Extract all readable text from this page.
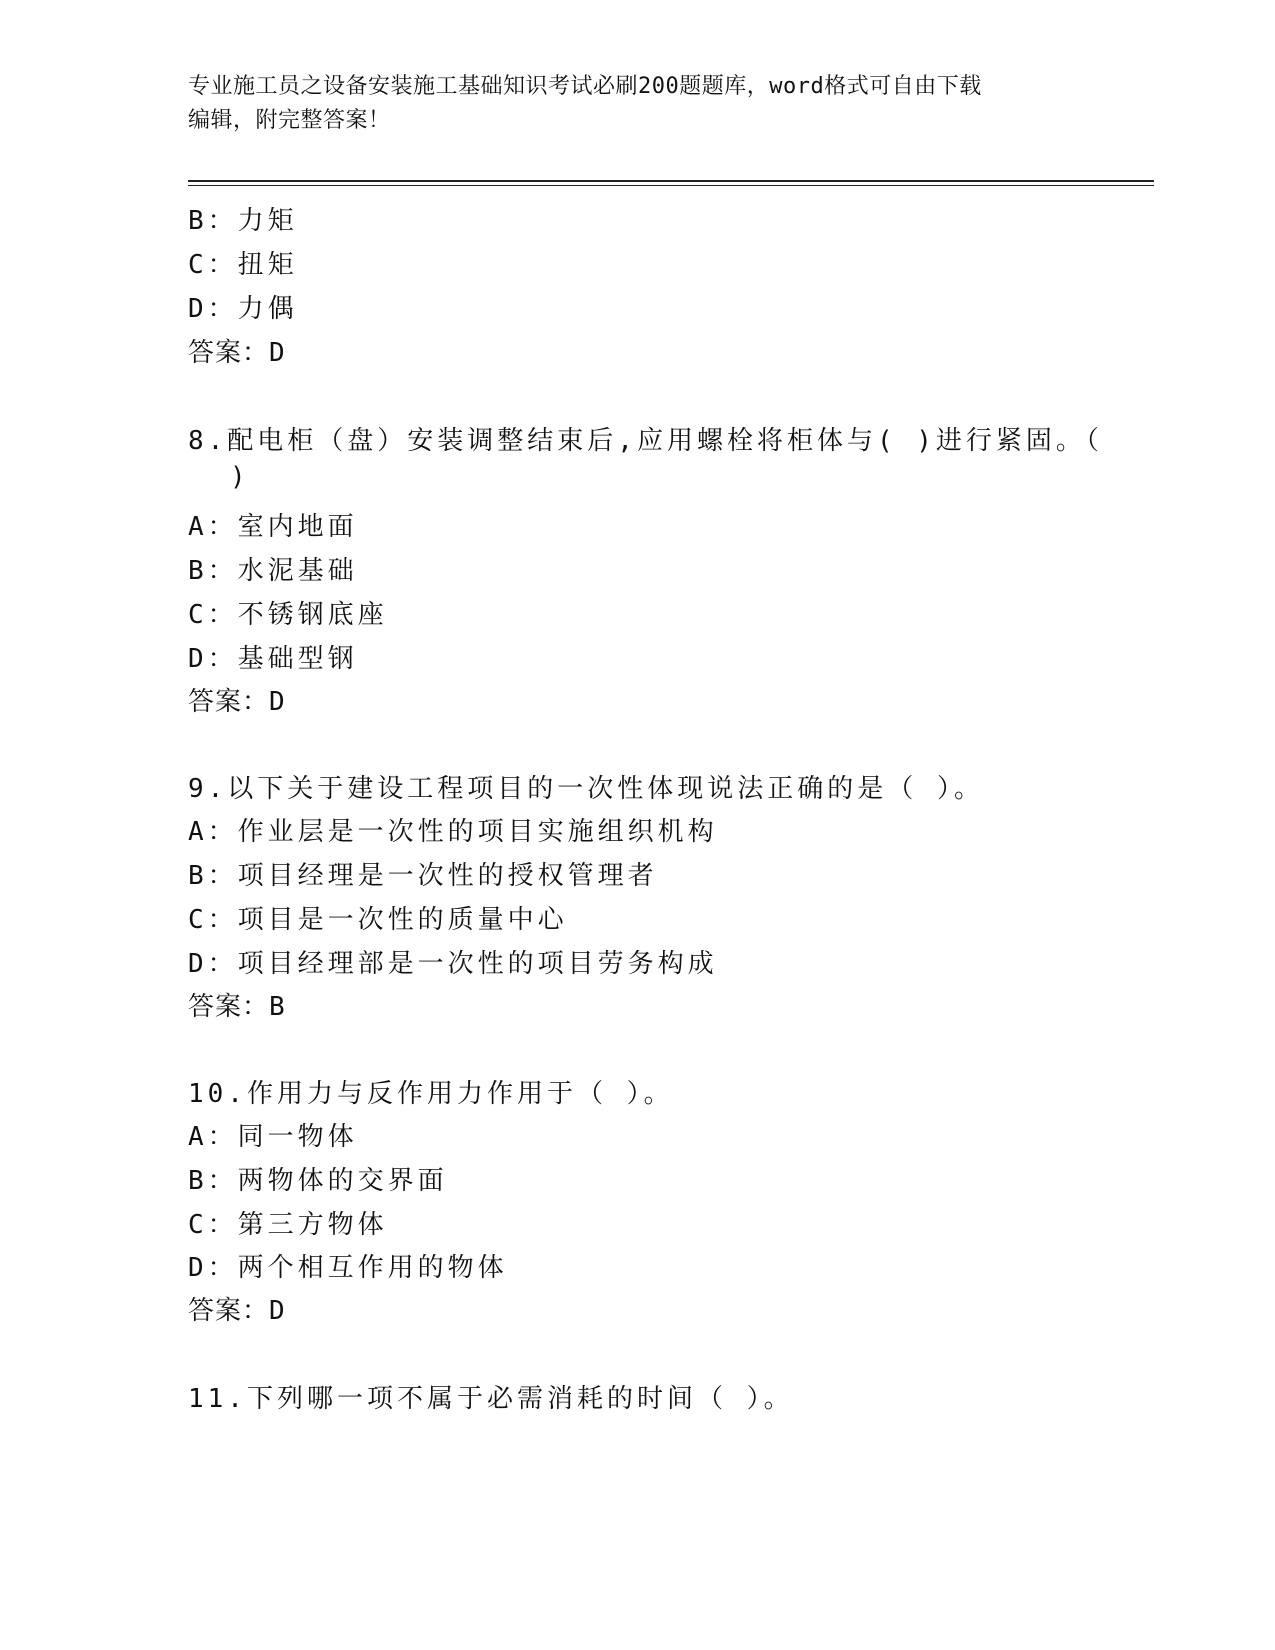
专业施工员之设备安装施工基础知识考试必刷200题题库，word格式可自由下载
编辑，附完整答案！
B：力矩
C：扭矩
D：力偶
答案：D
8.配电柜（盘）安装调整结束后,应用螺栓将柜体与( )进行紧固。（
)
A：室内地面
B：水泥基础
C：不锈钢底座
D：基础型钢
答案：D
9.以下关于建设工程项目的一次性体现说法正确的是（ ）。
A：作业层是一次性的项目实施组织机构
B：项目经理是一次性的授权管理者
C：项目是一次性的质量中心
D：项目经理部是一次性的项目劳务构成
答案：B
10.作用力与反作用力作用于（ ）。
A：同一物体
B：两物体的交界面
C：第三方物体
D：两个相互作用的物体
答案：D
11.下列哪一项不属于必需消耗的时间（ ）。
